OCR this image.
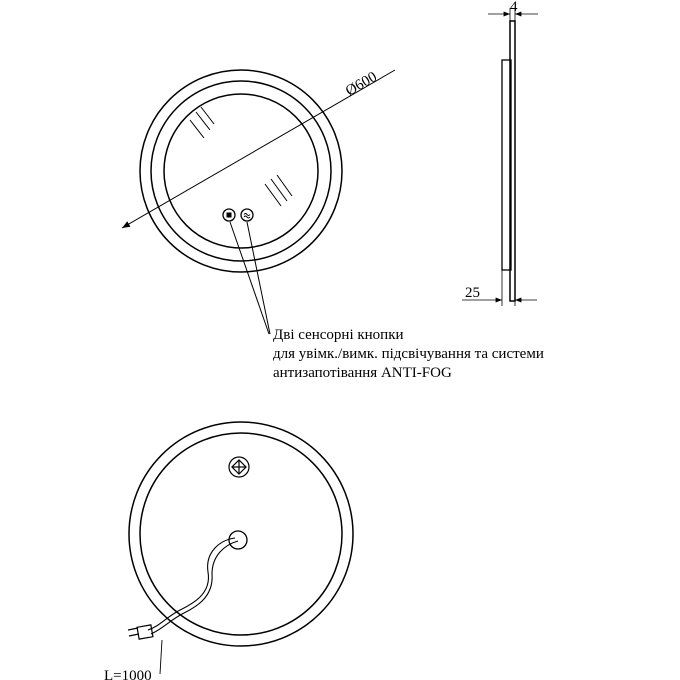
Ø600
4
25
L=1000
Дві сенсорні кнопки
для увімк./вимк. підсвічування та системи
антизапотівання ANTI-FOG
